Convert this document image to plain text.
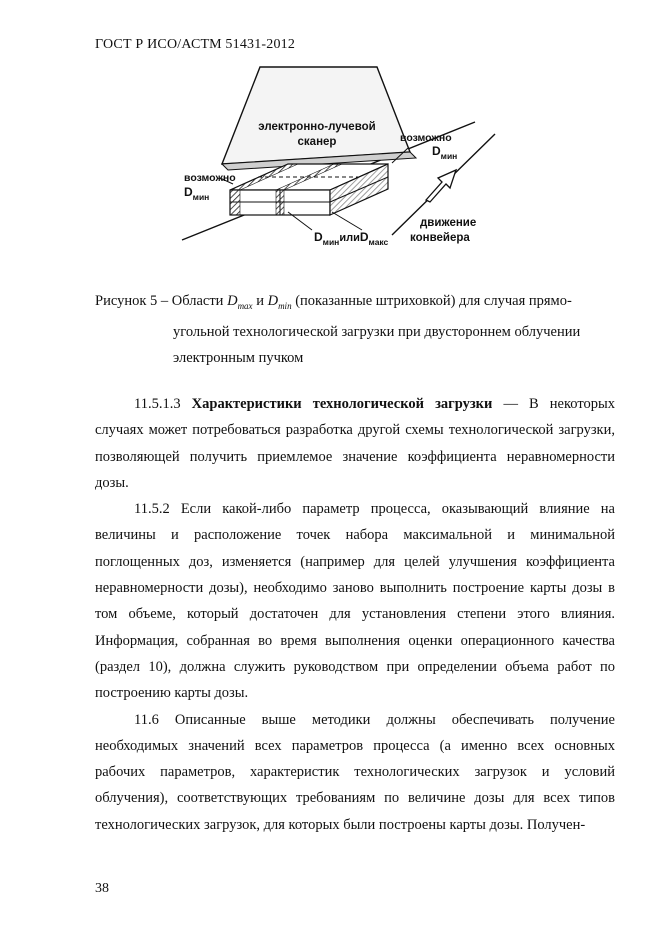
ГОСТ Р ИСО/АСТМ 51431-2012
электронно-лучевой
сканер	возможно
$D_{мин}$
возможно
$D_{мин}$
$D_{мин}илиD_{макс}$
движение
конвейера
Рисунок 5 – Области $D_{max}$ и $D_{min}$ (показанные штриховкой) для случая прямо-
угольной технологической загрузки при двустороннем облучении
электронным пучком

11.5.1.3 Характеристики технологической загрузки — В некоторых случаях может потребоваться разработка другой схемы технологической загрузки, позволяющей получить приемлемое значение коэффициента неравномерности дозы.

11.5.2 Если какой-либо параметр процесса, оказывающий влияние на величины и расположение точек набора максимальной и минимальной поглощенных доз, изменяется (например для целей улучшения коэффициента неравномерности дозы), необходимо заново выполнить построение карты дозы в том объеме, который достаточен для установления степени этого влияния. Информация, собранная во время выполнения оценки операционного качества (раздел 10), должна служить руководством при определении объема работ по построению карты дозы.

11.6 Описанные выше методики должны обеспечивать получение необходимых значений всех параметров процесса (а именно всех основных рабочих параметров, характеристик технологических загрузок и условий облучения), соответствующих требованиям по величине дозы для всех типов технологических загрузок, для которых были построены карты дозы. Получен-

38
